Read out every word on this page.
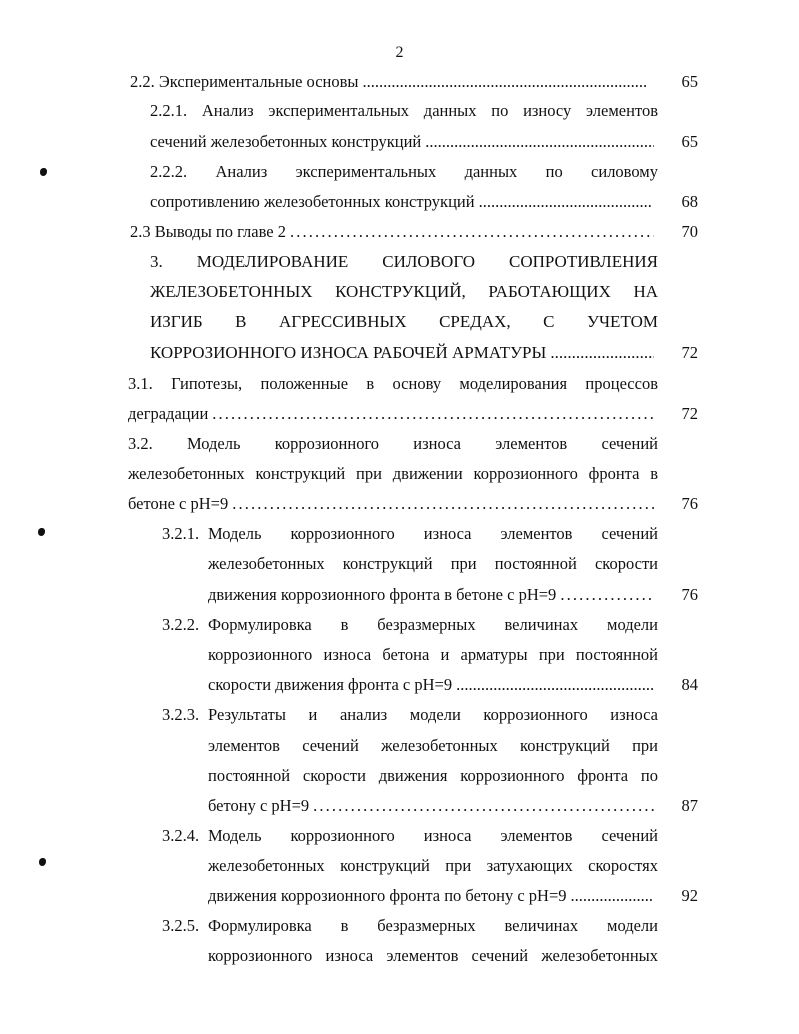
2
2.2. Экспериментальные основы .....	65
2.2.1. Анализ экспериментальных данных по износу элементов
сечений железобетонных конструкций .....	65
2.2.2. Анализ экспериментальных данных по силовому
сопротивлению железобетонных конструкций .....	68
2.3 Выводы по главе 2 . . .	70
3. МОДЕЛИРОВАНИЕ СИЛОВОГО СОПРОТИВЛЕНИЯ
ЖЕЛЕЗОБЕТОННЫХ КОНСТРУКЦИЙ, РАБОТАЮЩИХ НА
ИЗГИБ В АГРЕССИВНЫХ СРЕДАХ, С УЧЕТОМ
КОРРОЗИОННОГО ИЗНОСА РАБОЧЕЙ АРМАТУРЫ .....	72
3.1. Гипотезы, положенные в основу моделирования процессов
деградации . . .	72
3.2. Модель коррозионного износа элементов сечений
железобетонных конструкций при движении коррозионного фронта в
бетоне с рН=9 . . .	76
3.2.1. Модель коррозионного износа элементов сечений
железобетонных конструкций при постоянной скорости
движения коррозионного фронта в бетоне с рН=9 . . .	76
3.2.2. Формулировка в безразмерных величинах модели
коррозионного износа бетона и арматуры при постоянной
скорости движения фронта с рН=9 .....	84
3.2.3. Результаты и анализ модели коррозионного износа
элементов сечений железобетонных конструкций при
постоянной скорости движения коррозионного фронта по
бетону с рН=9 . . .	87
3.2.4. Модель коррозионного износа элементов сечений
железобетонных конструкций при затухающих скоростях
движения коррозионного фронта по бетону с рН=9 .....	92
3.2.5. Формулировка в безразмерных величинах модели
коррозионного износа элементов сечений железобетонных
